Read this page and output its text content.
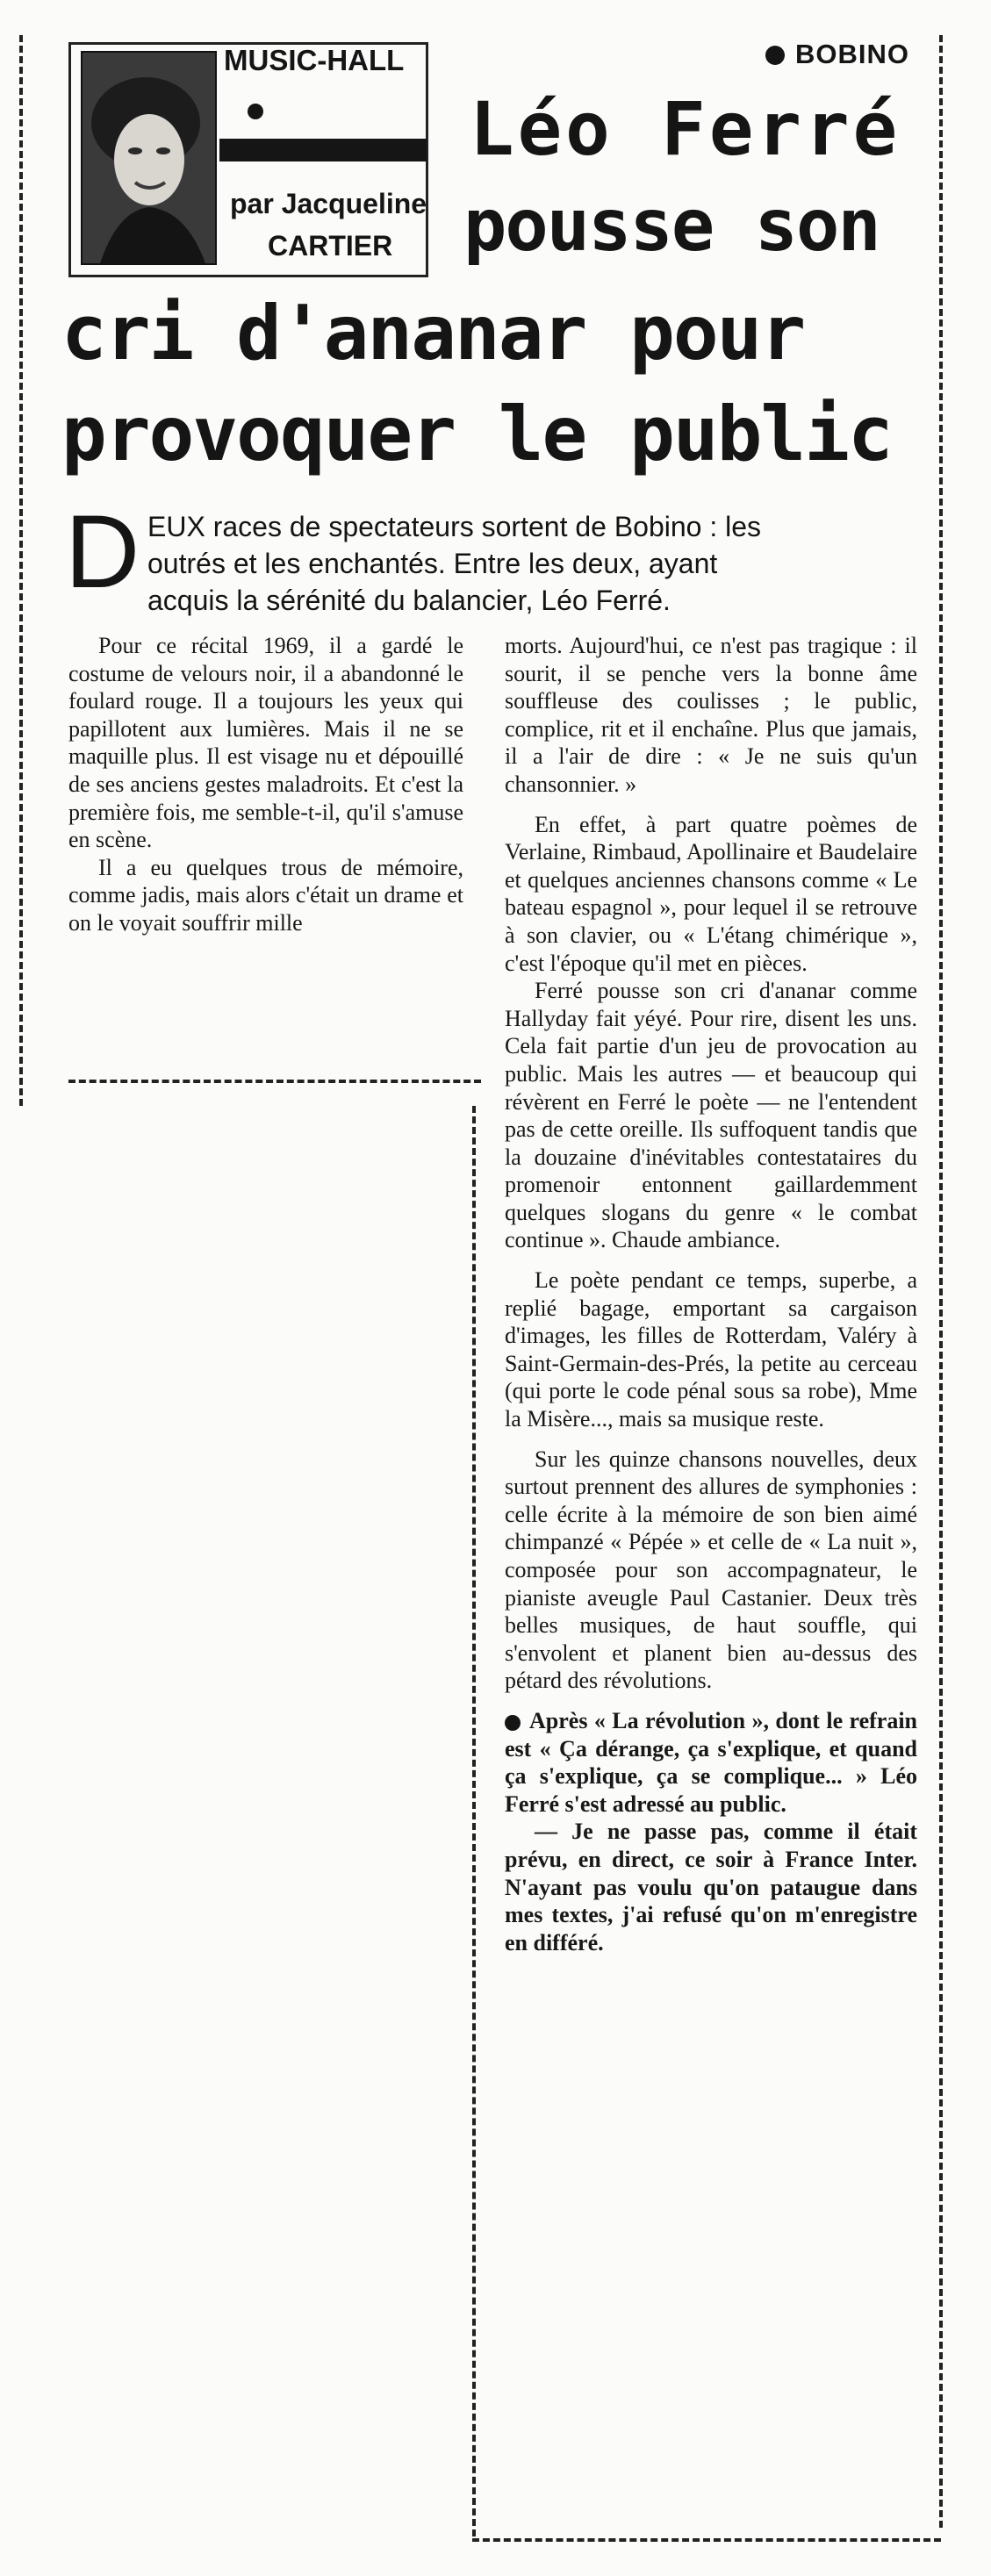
MUSIC-HALL
par Jacqueline
CARTIER
BOBINO
Léo Ferré
pousse son
cri d'ananar pour
provoquer le public
D EUX races de spectateurs sortent de Bobino : les
outrés et les enchantés. Entre les deux, ayant
acquis la sérénité du balancier, Léo Ferré.

Pour ce récital 1969, il a gardé le costume de velours noir, il a abandonné le foulard rouge. Il a toujours les yeux qui papillotent aux lumières. Mais il ne se maquille plus. Il est visage nu et dépouillé de ses anciens gestes maladroits. Et c'est la première fois, me semble-t-il, qu'il s'amuse en scène.

Il a eu quelques trous de mémoire, comme jadis, mais alors c'était un drame et on le voyait souffrir mille

morts. Aujourd'hui, ce n'est pas tragique : il sourit, il se penche vers la bonne âme souffleuse des coulisses ; le public, complice, rit et il enchaîne. Plus que jamais, il a l'air de dire : « Je ne suis qu'un chansonnier. »

En effet, à part quatre poèmes de Verlaine, Rimbaud, Apollinaire et Baudelaire et quelques anciennes chansons comme « Le bateau espagnol », pour lequel il se retrouve à son clavier, ou « L'étang chimérique », c'est l'époque qu'il met en pièces.

Ferré pousse son cri d'ananar comme Hallyday fait yéyé. Pour rire, disent les uns. Cela fait partie d'un jeu de provocation au public. Mais les autres — et beaucoup qui révèrent en Ferré le poète — ne l'entendent pas de cette oreille. Ils suffoquent tandis que la douzaine d'inévitables contestataires du promenoir entonnent gaillardemment quelques slogans du genre « le combat continue ». Chaude ambiance.

Le poète pendant ce temps, superbe, a replié bagage, emportant sa cargaison d'images, les filles de Rotterdam, Valéry à Saint-Germain-des-Prés, la petite au cerceau (qui porte le code pénal sous sa robe), Mme la Misère..., mais sa musique reste.

Sur les quinze chansons nouvelles, deux surtout prennent des allures de symphonies : celle écrite à la mémoire de son bien aimé chimpanzé « Pépée » et celle de « La nuit », composée pour son accompagnateur, le pianiste aveugle Paul Castanier. Deux très belles musiques, de haut souffle, qui s'envolent et planent bien au-dessus des pétard des révolutions.

Après « La révolution », dont le refrain est « Ça dérange, ça s'explique, et quand ça s'explique, ça se complique... » Léo Ferré s'est adressé au public.

— Je ne passe pas, comme il était prévu, en direct, ce soir à France Inter. N'ayant pas voulu qu'on pataugue dans mes textes, j'ai refusé qu'on m'enregistre en différé.
